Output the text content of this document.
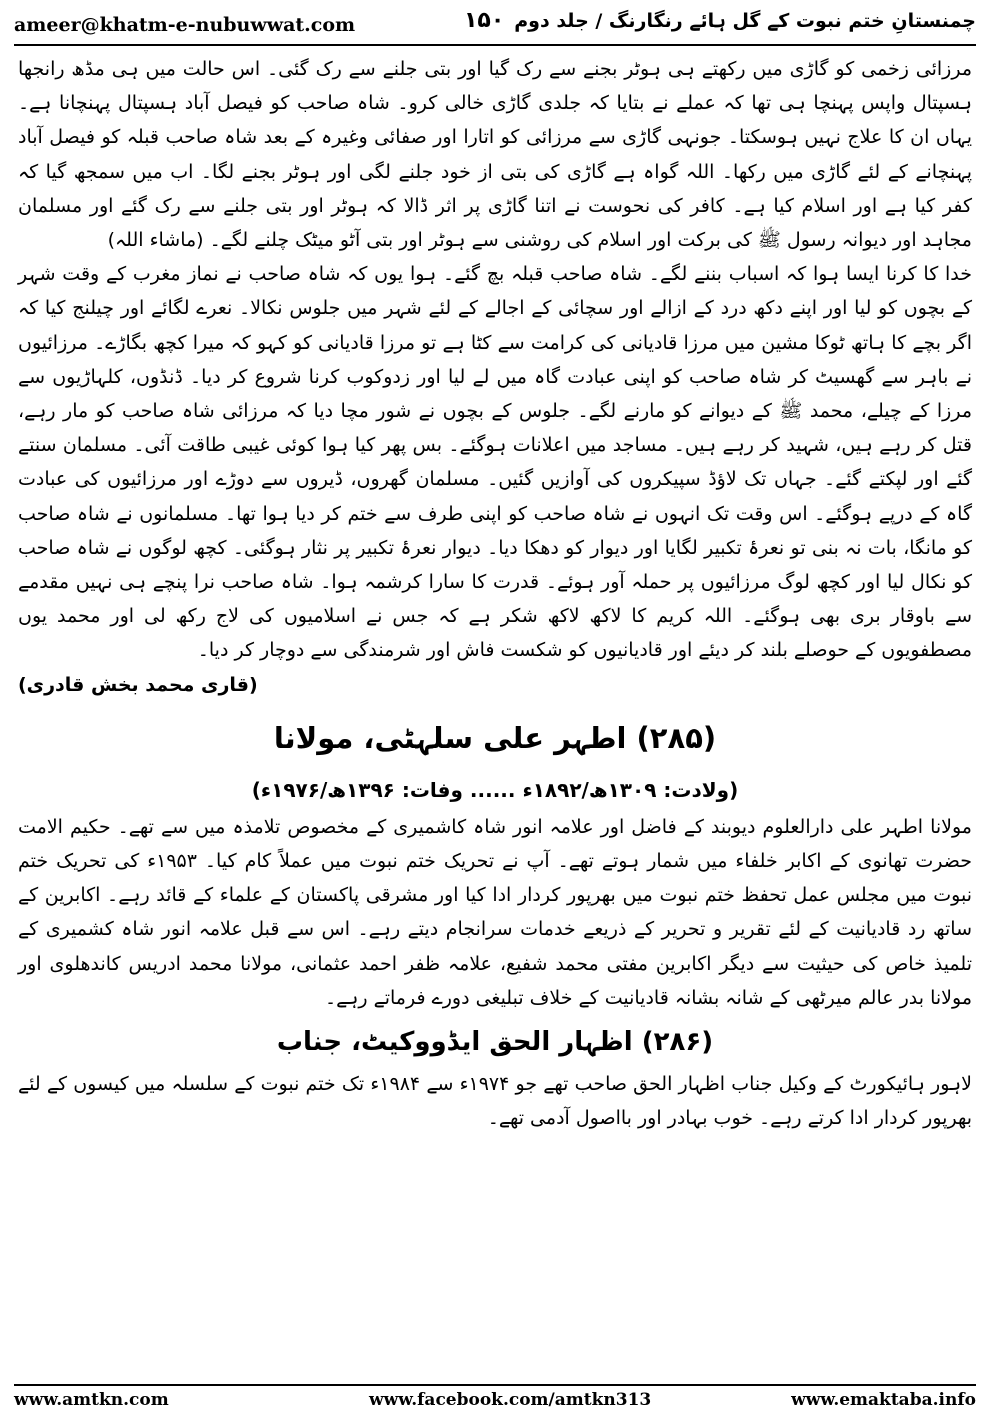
ameer@khatm-e-nubuwwat.com	۱۵۰ چمنستانِ ختم نبوت کے گل ہائے رنگارنگ / جلد دوم

مرزائی زخمی کو گاڑی میں رکھتے ہی ہوٹر بجنے سے رک گیا اور بتی جلنے سے رک گئی۔ اس حالت میں ہی مڈھ رانجھا ہسپتال واپس پہنچا ہی تھا کہ عملے نے بتایا کہ جلدی گاڑی خالی کرو۔ شاہ صاحب کو فیصل آباد ہسپتال پہنچانا ہے۔ یہاں ان کا علاج نہیں ہوسکتا۔ جونہی گاڑی سے مرزائی کو اتارا اور صفائی وغیرہ کے بعد شاہ صاحب قبلہ کو فیصل آباد پہنچانے کے لئے گاڑی میں رکھا۔ اللہ گواہ ہے گاڑی کی بتی از خود جلنے لگی اور ہوٹر بجنے لگا۔ اب میں سمجھ گیا کہ کفر کیا ہے اور اسلام کیا ہے۔ کافر کی نحوست نے اتنا گاڑی پر اثر ڈالا کہ ہوٹر اور بتی جلنے سے رک گئے اور مسلمان مجاہد اور دیوانہ رسول ﷺ کی برکت اور اسلام کی روشنی سے ہوٹر اور بتی آٹو میٹک چلنے لگے۔ (ماشاء اللہ)

خدا کا کرنا ایسا ہوا کہ اسباب بننے لگے۔ شاہ صاحب قبلہ بچ گئے۔ ہوا یوں کہ شاہ صاحب نے نماز مغرب کے وقت شہر کے بچوں کو لیا اور اپنے دکھ درد کے ازالے اور سچائی کے اجالے کے لئے شہر میں جلوس نکالا۔ نعرے لگائے اور چیلنج کیا کہ اگر بچے کا ہاتھ ٹوکا مشین میں مرزا قادیانی کی کرامت سے کٹا ہے تو مرزا قادیانی کو کہو کہ میرا کچھ بگاڑے۔ مرزائیوں نے باہر سے گھسیٹ کر شاہ صاحب کو اپنی عبادت گاہ میں لے لیا اور زدوکوب کرنا شروع کر دیا۔ ڈنڈوں، کلہاڑیوں سے مرزا کے چیلے، محمد ﷺ کے دیوانے کو مارنے لگے۔ جلوس کے بچوں نے شور مچا دیا کہ مرزائی شاہ صاحب کو مار رہے، قتل کر رہے ہیں، شہید کر رہے ہیں۔ مساجد میں اعلانات ہوگئے۔ بس پھر کیا ہوا کوئی غیبی طاقت آئی۔ مسلمان سنتے گئے اور لپکتے گئے۔ جہاں تک لاؤڈ سپیکروں کی آوازیں گئیں۔ مسلمان گھروں، ڈیروں سے دوڑے اور مرزائیوں کی عبادت گاہ کے درپے ہوگئے۔ اس وقت تک انہوں نے شاہ صاحب کو اپنی طرف سے ختم کر دیا ہوا تھا۔ مسلمانوں نے شاہ صاحب کو مانگا، بات نہ بنی تو نعرۂ تکبیر لگایا اور دیوار کو دھکا دیا۔ دیوار نعرۂ تکبیر پر نثار ہوگئی۔ کچھ لوگوں نے شاہ صاحب کو نکال لیا اور کچھ لوگ مرزائیوں پر حملہ آور ہوئے۔ قدرت کا سارا کرشمہ ہوا۔ شاہ صاحب نرا پنچے ہی نہیں مقدمے سے باوقار بری بھی ہوگئے۔ اللہ کریم کا لاکھ لاکھ شکر ہے کہ جس نے اسلامیوں کی لاج رکھ لی اور محمد یوں مصطفویوں کے حوصلے بلند کر دیئے اور قادیانیوں کو شکست فاش اور شرمندگی سے دوچار کر دیا۔

(قاری محمد بخش قادری)
(۲۸۵) اطہر علی سلہٹی، مولانا
(ولادت: ۱۳۰۹ھ/۱۸۹۲ء ...... وفات: ۱۳۹۶ھ/۱۹۷۶ء)

مولانا اطہر علی دارالعلوم دیوبند کے فاضل اور علامہ انور شاہ کاشمیری کے مخصوص تلامذہ میں سے تھے۔ حکیم الامت حضرت تھانوی کے اکابر خلفاء میں شمار ہوتے تھے۔ آپ نے تحریک ختم نبوت میں عملاً کام کیا۔ ۱۹۵۳ء کی تحریک ختم نبوت میں مجلس عمل تحفظ ختم نبوت میں بھرپور کردار ادا کیا اور مشرقی پاکستان کے علماء کے قائد رہے۔ اکابرین کے ساتھ رد قادیانیت کے لئے تقریر و تحریر کے ذریعے خدمات سرانجام دیتے رہے۔ اس سے قبل علامہ انور شاہ کشمیری کے تلمیذ خاص کی حیثیت سے دیگر اکابرین مفتی محمد شفیع، علامہ ظفر احمد عثمانی، مولانا محمد ادریس کاندھلوی اور مولانا بدر عالم میرٹھی کے شانہ بشانہ قادیانیت کے خلاف تبلیغی دورے فرماتے رہے۔

(۲۸۶) اظہار الحق ایڈووکیٹ، جناب

لاہور ہائیکورٹ کے وکیل جناب اظہار الحق صاحب تھے جو ۱۹۷۴ء سے ۱۹۸۴ء تک ختم نبوت کے سلسلہ میں کیسوں کے لئے بھرپور کردار ادا کرتے رہے۔ خوب بہادر اور بااصول آدمی تھے۔

www.amtkn.com	www.facebook.com/amtkn313	www.emaktaba.info
